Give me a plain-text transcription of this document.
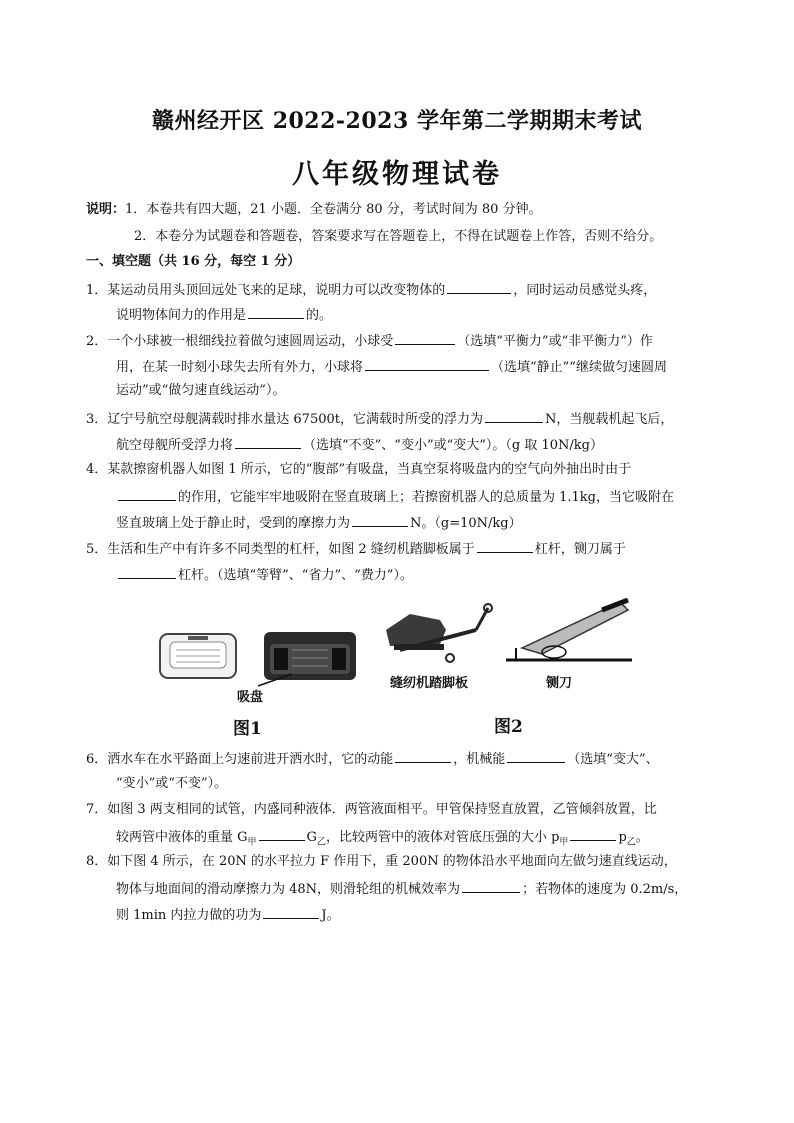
赣州经开区 2022-2023 学年第二学期期末考试
八年级物理试卷
说明：1．本卷共有四大题，21 小题．全卷满分 80 分，考试时间为 80 分钟。
2．本卷分为试题卷和答题卷，答案要求写在答题卷上，不得在试题卷上作答，否则不给分。
一、填空题（共 16 分，每空 1 分）
1．某运动员用头顶回远处飞来的足球，说明力可以改变物体的	，同时运动员感觉头疼，
说明物体间力的作用是	的。
2．一个小球被一根细线拉着做匀速圆周运动，小球受	（选填“平衡力”或“非平衡力”）作
用，在某一时刻小球失去所有外力，小球将	（选填“静止”“继续做匀速圆周
运动”或“做匀速直线运动”）。
3．辽宁号航空母舰满载时排水量达 67500t，它满载时所受的浮力为	N，当舰载机起飞后，
航空母舰所受浮力将	（选填“不变”、“变小”或“变大”）。（g 取 10N/kg）
4．某款擦窗机器人如图 1 所示，它的“腹部”有吸盘，当真空泵将吸盘内的空气向外抽出时由于
的作用，它能牢牢地吸附在竖直玻璃上；若擦窗机器人的总质量为 1.1kg，当它吸附在
竖直玻璃上处于静止时，受到的摩擦力为	N。（g=10N/kg）
5．生活和生产中有许多不同类型的杠杆，如图 2 缝纫机踏脚板属于	杠杆，铡刀属于
杠杆。（选填“等臂”、“省力”、“费力”）。
吸盘
图1
缝纫机踏脚板	铡刀
图2
6．洒水车在水平路面上匀速前进开洒水时，它的动能	，机械能	（选填“变大”、
“变小”或“不变”）。
7．如图 3 两支相同的试管，内盛同种液体．两管液面相平。甲管保持竖直放置，乙管倾斜放置，比
较两管中液体的重量 $G_甲$	$G_乙$，比较两管中的液体对管底压强的大小 $p_甲$	$p_乙$。
8．如下图 4 所示，在 20N 的水平拉力 F 作用下，重 200N 的物体沿水平地面向左做匀速直线运动，
物体与地面间的滑动摩擦力为 48N，则滑轮组的机械效率为	；若物体的速度为 0.2m/s，
则 1min 内拉力做的功为	J。
